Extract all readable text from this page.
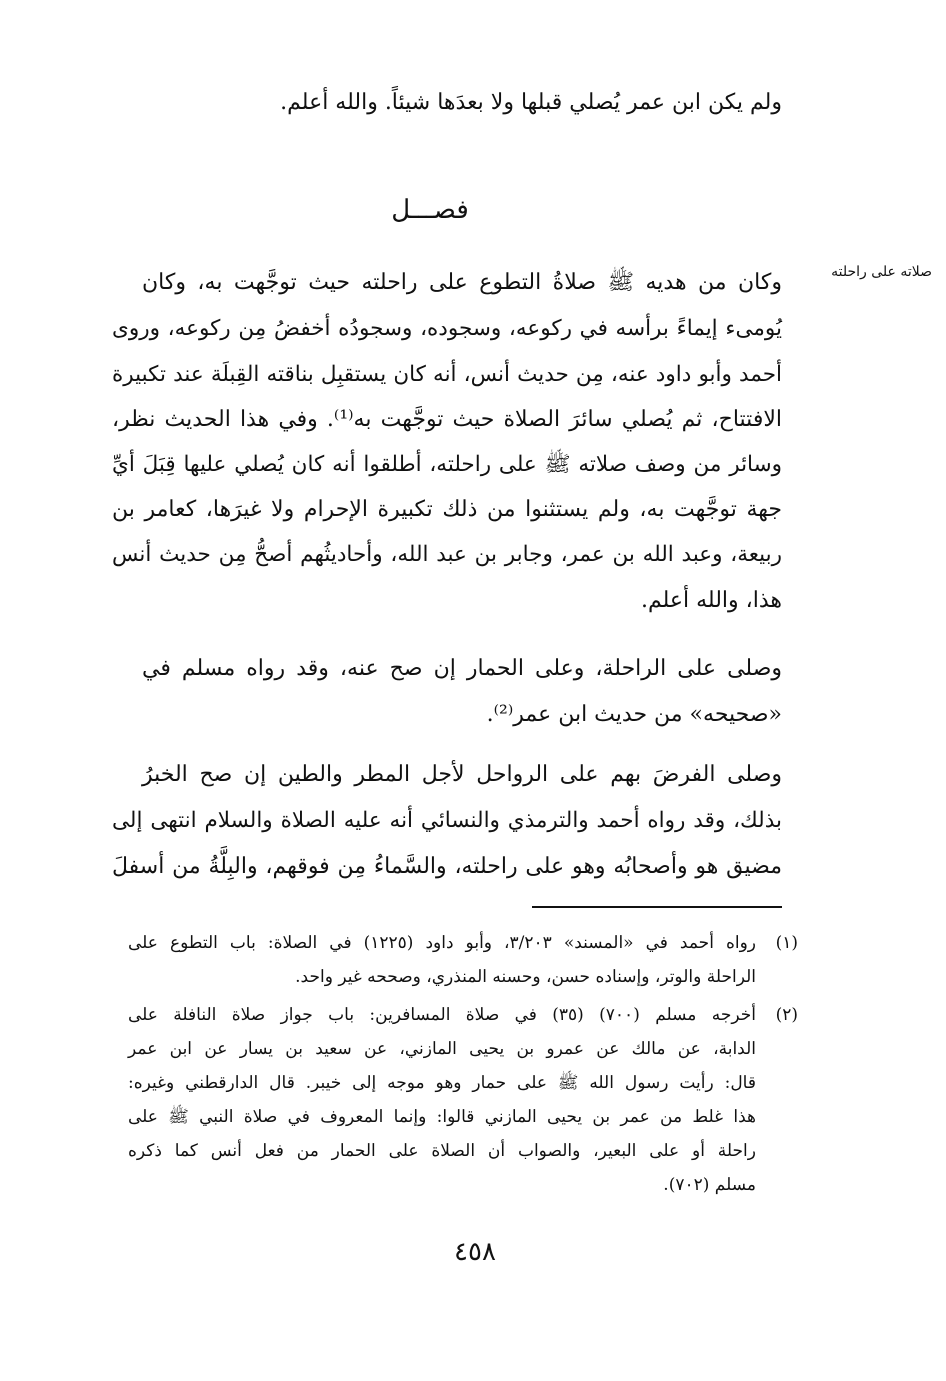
ولم يكن ابن عمر يُصلي قبلها ولا بعدَها شيئاً. والله أعلم.
فصـــل
صلاته على راحلته
وكان من هديه ﷺ صلاةُ التطوع على راحلته حيث توجَّهت به، وكان
يُومىء إيماءً برأسه في ركوعه، وسجوده، وسجودُه أخفضُ مِن ركوعه، وروى
أحمد وأبو داود عنه، مِن حديث أنس، أنه كان يستقبِل بناقته القِبلَة عند تكبيرة
الافتتاح، ثم يُصلي سائرَ الصلاة حيث توجَّهت به⁽¹⁾. وفي هذا الحديث نظر،
وسائر من وصف صلاته ﷺ على راحلته، أطلقوا أنه كان يُصلي عليها قِبَلَ أيِّ
جهة توجَّهت به، ولم يستثنوا من ذلك تكبيرة الإحرام ولا غيرَها، كعامر بن
ربيعة، وعبد الله بن عمر، وجابر بن عبد الله، وأحاديثُهم أصحُّ مِن حديث أنس
هذا، والله أعلم.
وصلى على الراحلة، وعلى الحمار إن صح عنه، وقد رواه مسلم في
«صحيحه» من حديث ابن عمر⁽²⁾.
وصلى الفرضَ بهم على الرواحل لأجل المطر والطين إن صح الخبرُ
بذلك، وقد رواه أحمد والترمذي والنسائي أنه عليه الصلاة والسلام انتهى إلى
مضيق هو وأصحابُه وهو على راحلته، والسَّماءُ مِن فوقهم، والبِلَّةُ من أسفلَ
(١)
رواه أحمد في «المسند» ٣/٢٠٣، وأبو داود (١٢٢٥) في الصلاة: باب التطوع على
الراحلة والوتر، وإسناده حسن، وحسنه المنذري، وصححه غير واحد.
(٢)
أخرجه مسلم (٧٠٠) (٣٥) في صلاة المسافرين: باب جواز صلاة النافلة على
الدابة، عن مالك عن عمرو بن يحيى المازني، عن سعيد بن يسار عن ابن عمر
قال: رأيت رسول الله ﷺ على حمار وهو موجه إلى خيبر. قال الدارقطني وغيره:
هذا غلط من عمر بن يحيى المازني قالوا: وإنما المعروف في صلاة النبي ﷺ على
راحلة أو على البعير، والصواب أن الصلاة على الحمار من فعل أنس كما ذكره
مسلم (٧٠٢).
٤٥٨
